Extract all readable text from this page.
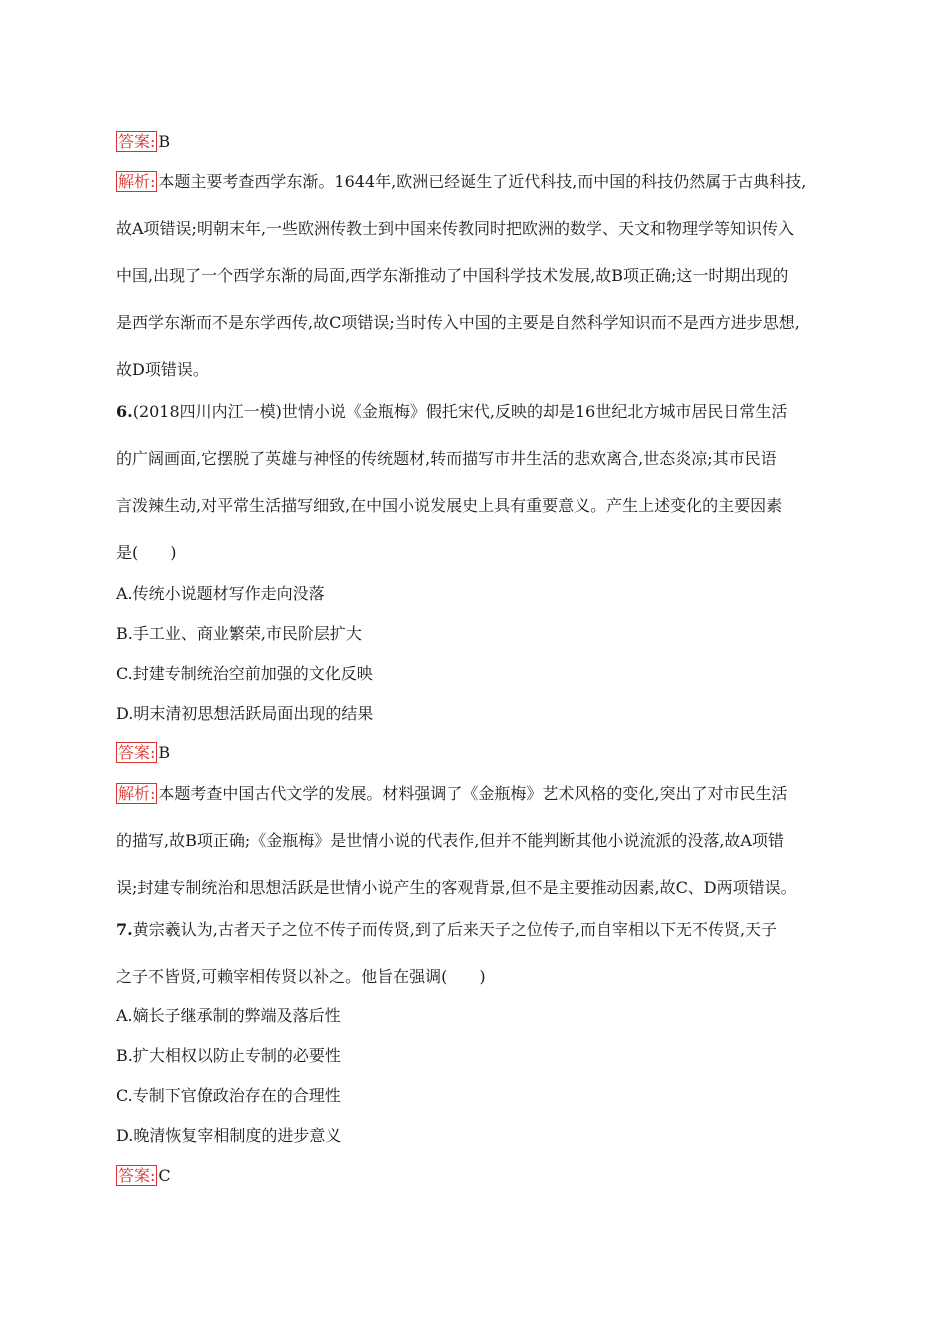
答案: B
解析: 本题主要考查西学东渐。1644年,欧洲已经诞生了近代科技,而中国的科技仍然属于古典科技,
故A项错误;明朝末年,一些欧洲传教士到中国来传教同时把欧洲的数学、天文和物理学等知识传入
中国,出现了一个西学东渐的局面,西学东渐推动了中国科学技术发展,故B项正确;这一时期出现的
是西学东渐而不是东学西传,故C项错误;当时传入中国的主要是自然科学知识而不是西方进步思想,
故D项错误。
6.(2018四川内江一模)世情小说《金瓶梅》假托宋代,反映的却是16世纪北方城市居民日常生活
的广阔画面,它摆脱了英雄与神怪的传统题材,转而描写市井生活的悲欢离合,世态炎凉;其市民语
言泼辣生动,对平常生活描写细致,在中国小说发展史上具有重要意义。产生上述变化的主要因素
是(　　)
A.传统小说题材写作走向没落
B.手工业、商业繁荣,市民阶层扩大
C.封建专制统治空前加强的文化反映
D.明末清初思想活跃局面出现的结果
答案: B
解析: 本题考查中国古代文学的发展。材料强调了《金瓶梅》艺术风格的变化,突出了对市民生活
的描写,故B项正确;《金瓶梅》是世情小说的代表作,但并不能判断其他小说流派的没落,故A项错
误;封建专制统治和思想活跃是世情小说产生的客观背景,但不是主要推动因素,故C、D两项错误。
7.黄宗羲认为,古者天子之位不传子而传贤,到了后来天子之位传子,而自宰相以下无不传贤,天子
之子不皆贤,可赖宰相传贤以补之。他旨在强调(　　)
A.嫡长子继承制的弊端及落后性
B.扩大相权以防止专制的必要性
C.专制下官僚政治存在的合理性
D.晚清恢复宰相制度的进步意义
答案: C
